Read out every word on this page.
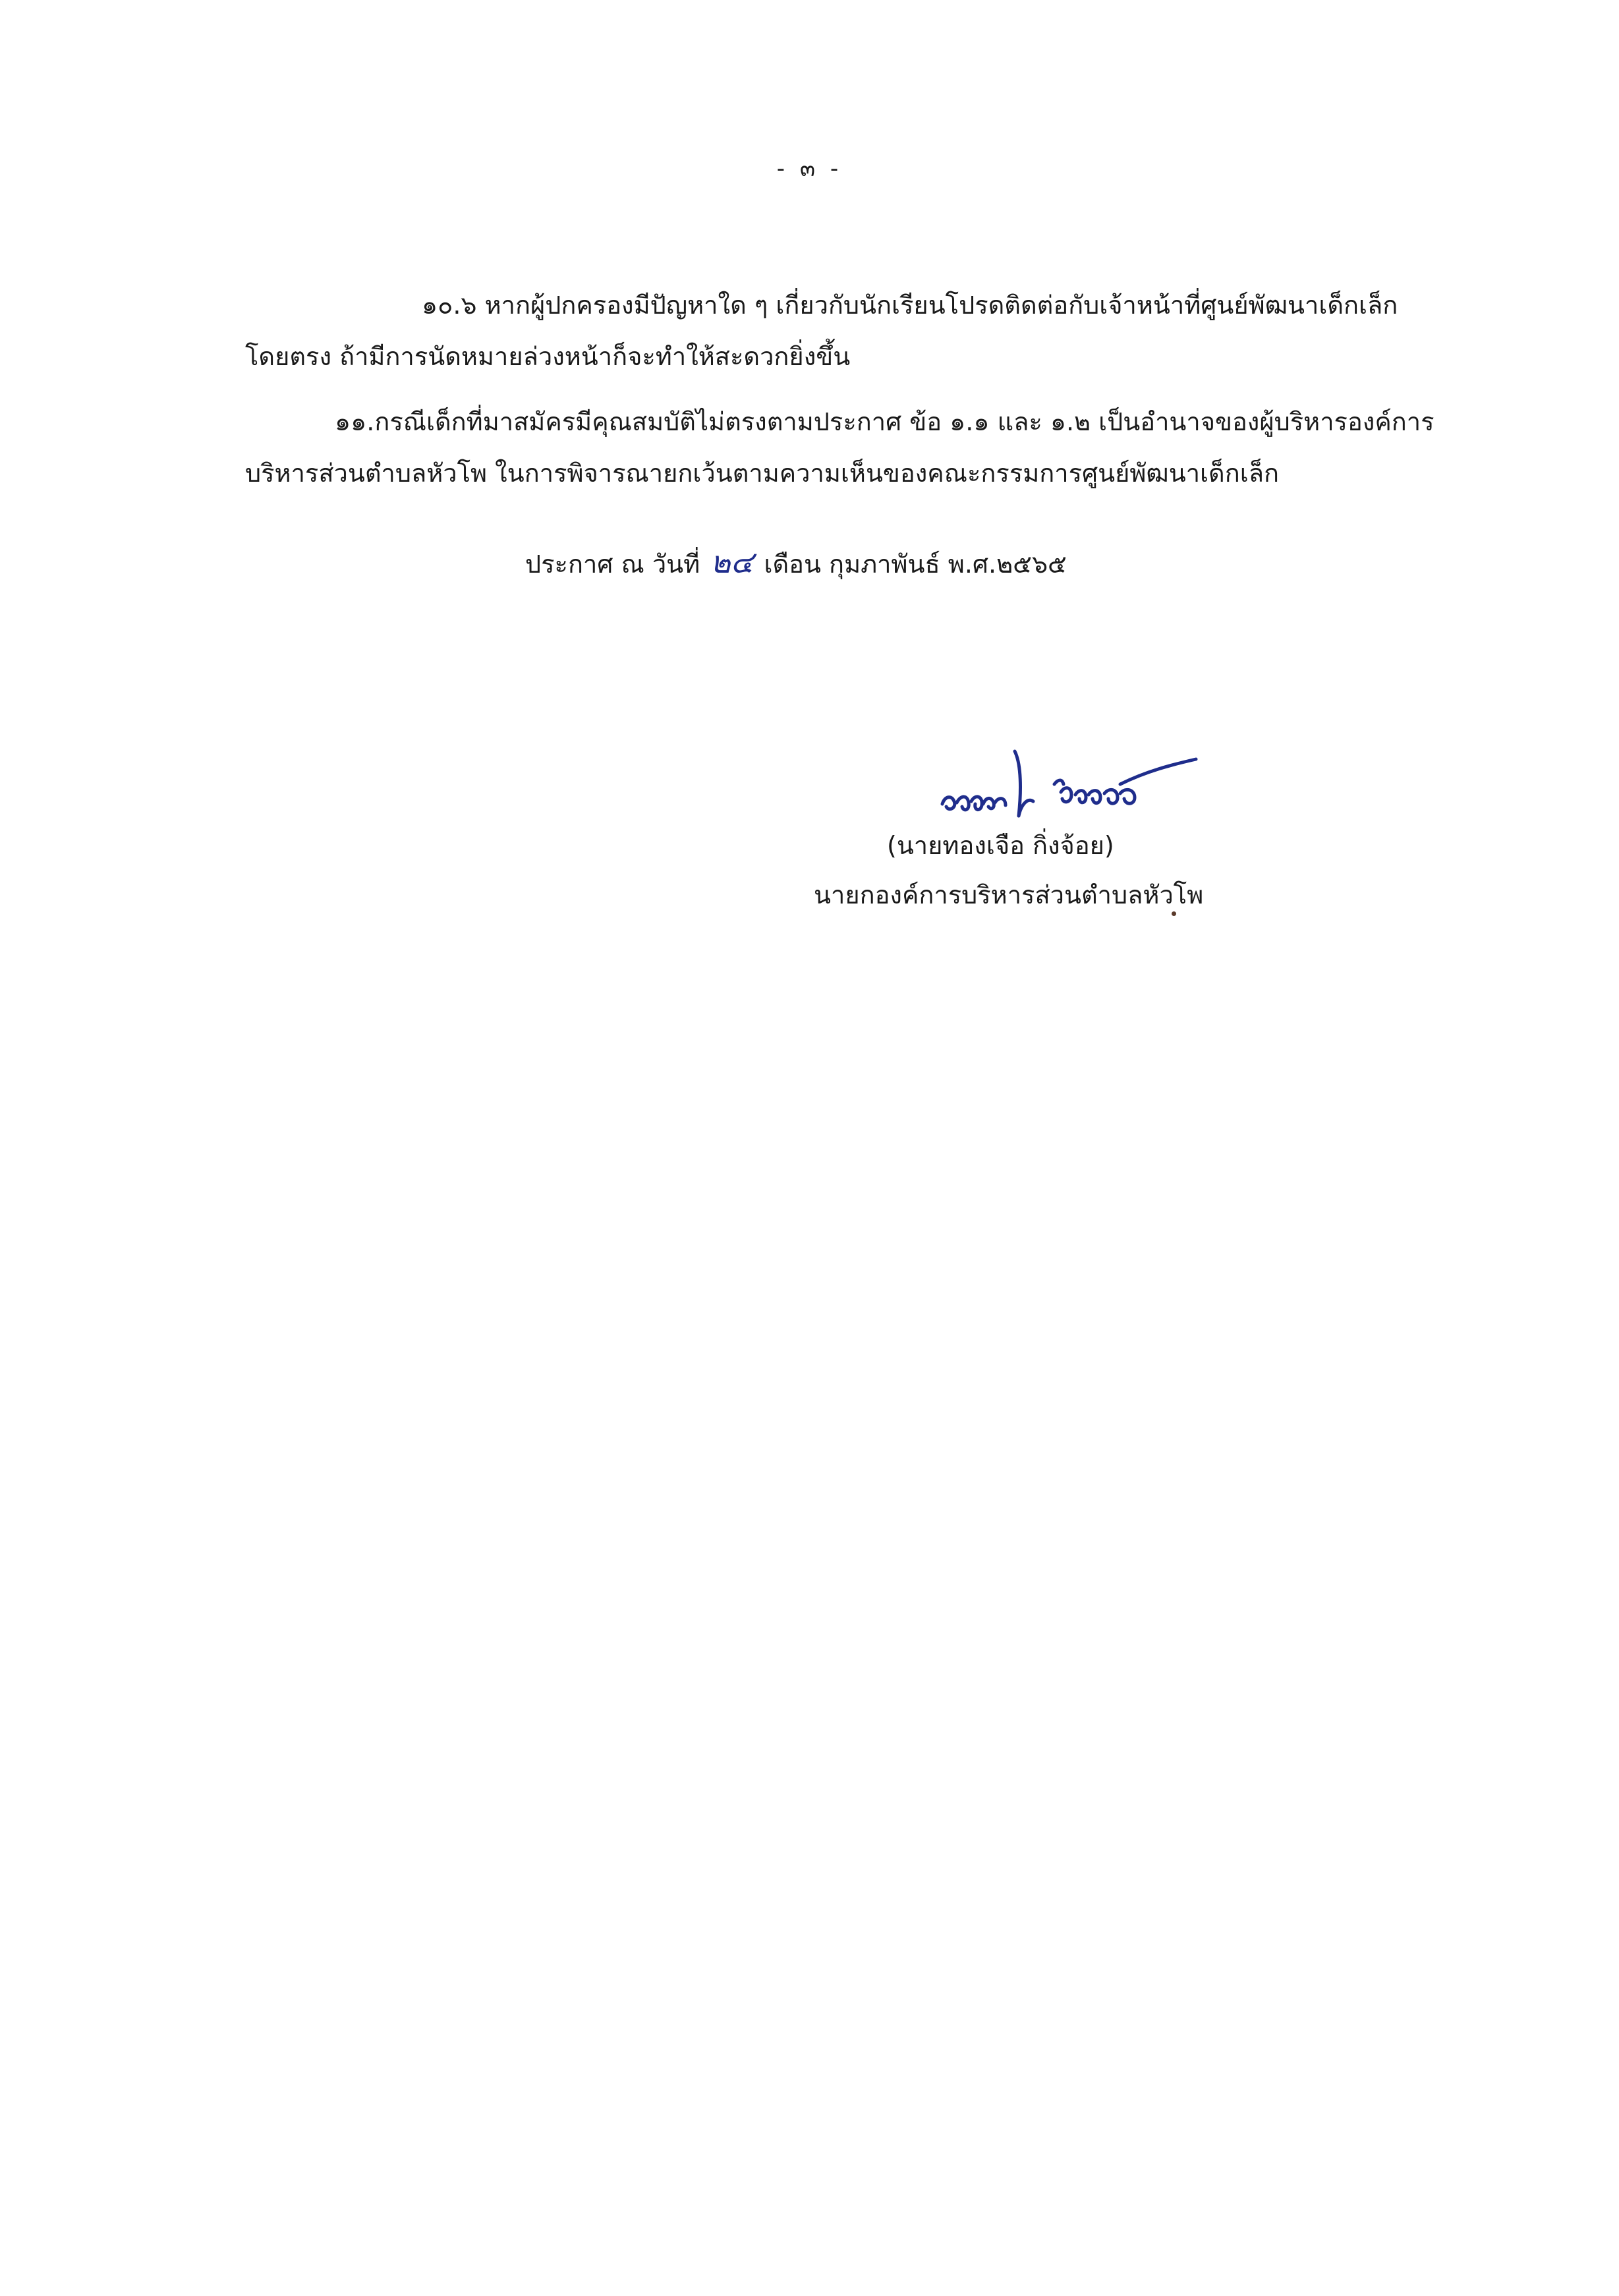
- ๓ -
๑๐.๖ หากผู้ปกครองมีปัญหาใด ๆ เกี่ยวกับนักเรียนโปรดติดต่อกับเจ้าหน้าที่ศูนย์พัฒนาเด็กเล็ก
โดยตรง ถ้ามีการนัดหมายล่วงหน้าก็จะทำให้สะดวกยิ่งขึ้น
๑๑.กรณีเด็กที่มาสมัครมีคุณสมบัติไม่ตรงตามประกาศ ข้อ ๑.๑ และ ๑.๒ เป็นอำนาจของผู้บริหารองค์การ
บริหารส่วนตำบลหัวโพ ในการพิจารณายกเว้นตามความเห็นของคณะกรรมการศูนย์พัฒนาเด็กเล็ก
ประกาศ ณ วันที่ ๒๔ เดือน กุมภาพันธ์ พ.ศ.๒๕๖๕
(นายทองเจือ กิ่งจ้อย)
นายกองค์การบริหารส่วนตำบลหัวโพ
